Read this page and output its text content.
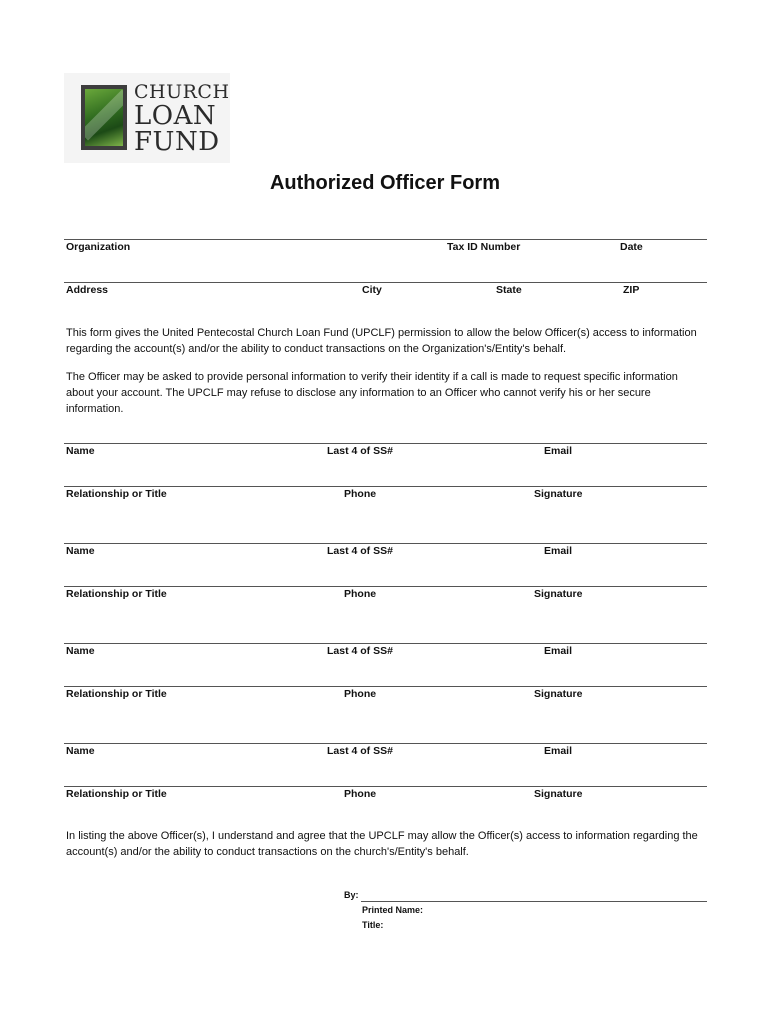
CHURCH
LOAN
FUND
Authorized Officer Form
Organization	Tax ID Number	Date
Address	City	State	ZIP

This form gives the United Pentecostal Church Loan Fund (UPCLF) permission to allow the below Officer(s) access to information regarding the account(s) and/or the ability to conduct transactions on the Organization's/Entity's behalf.

The Officer may be asked to provide personal information to verify their identity if a call is made to request specific information about your account. The UPCLF may refuse to disclose any information to an Officer who cannot verify his or her secure information.

Name	Last 4 of SS#	Email
Relationship or Title	Phone	Signature
Name	Last 4 of SS#	Email
Relationship or Title	Phone	Signature
Name	Last 4 of SS#	Email
Relationship or Title	Phone	Signature
Name	Last 4 of SS#	Email
Relationship or Title	Phone	Signature

In listing the above Officer(s), I understand and agree that the UPCLF may allow the Officer(s) access to information regarding the account(s) and/or the ability to conduct transactions on the church's/Entity's behalf.

By:
Printed Name:
Title:
